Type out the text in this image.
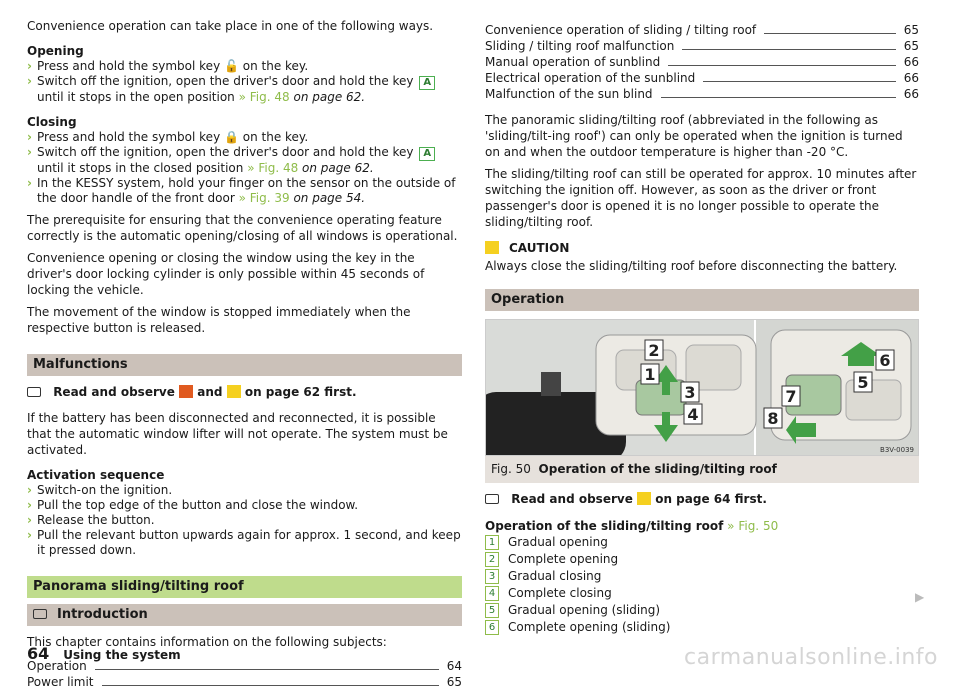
Convenience operation can take place in one of the following ways.

Opening

› Press and hold the symbol key 🔓 on the key.
› Switch off the ignition, open the driver's door and hold the key A until it stops in the open position » Fig. 48 on page 62.

Closing

› Press and hold the symbol key 🔒 on the key.
› Switch off the ignition, open the driver's door and hold the key A until it stops in the closed position » Fig. 48 on page 62.
› In the KESSY system, hold your finger on the sensor on the outside of the door handle of the front door » Fig. 39 on page 54.

The prerequisite for ensuring that the convenience operating feature correctly is the automatic opening/closing of all windows is operational.

Convenience opening or closing the window using the key in the driver's door locking cylinder is only possible within 45 seconds of locking the vehicle.

The movement of the window is stopped immediately when the respective button is released.

Malfunctions
Read and observe and on page 62 first.

If the battery has been disconnected and reconnected, it is possible that the automatic window lifter will not operate. The system must be activated.

Activation sequence

› Switch-on the ignition.
› Pull the top edge of the button and close the window.
› Release the button.
› Pull the relevant button upwards again for approx. 1 second, and keep it pressed down.
Panorama sliding/tilting roof
Introduction

This chapter contains information on the following subjects:

Operation	64
Power limit	65
Convenience operation of sliding / tilting roof	65
Sliding / tilting roof malfunction	65
Manual operation of sunblind	66
Electrical operation of the sunblind	66
Malfunction of the sun blind	66

The panoramic sliding/tilting roof (abbreviated in the following as 'sliding/tilt-ing roof') can only be operated when the ignition is turned on and when the outdoor temperature is higher than -20 °C.

The sliding/tilting roof can still be operated for approx. 10 minutes after switching the ignition off. However, as soon as the driver or front passenger's door is opened it is no longer possible to operate the sliding/tilting roof.

CAUTION

Always close the sliding/tilting roof before disconnecting the battery.

Operation
2
1
3
4
6
5
7
8
B3V-0039
Fig. 50 Operation of the sliding/tilting roof
Read and observe on page 64 first.

Operation of the sliding/tilting roof » Fig. 50

1	Gradual opening
2	Complete opening
3	Gradual closing
4	Complete closing
5	Gradual opening (sliding)
6	Complete opening (sliding)
▶
64 Using the system	carmanualsonline.info
